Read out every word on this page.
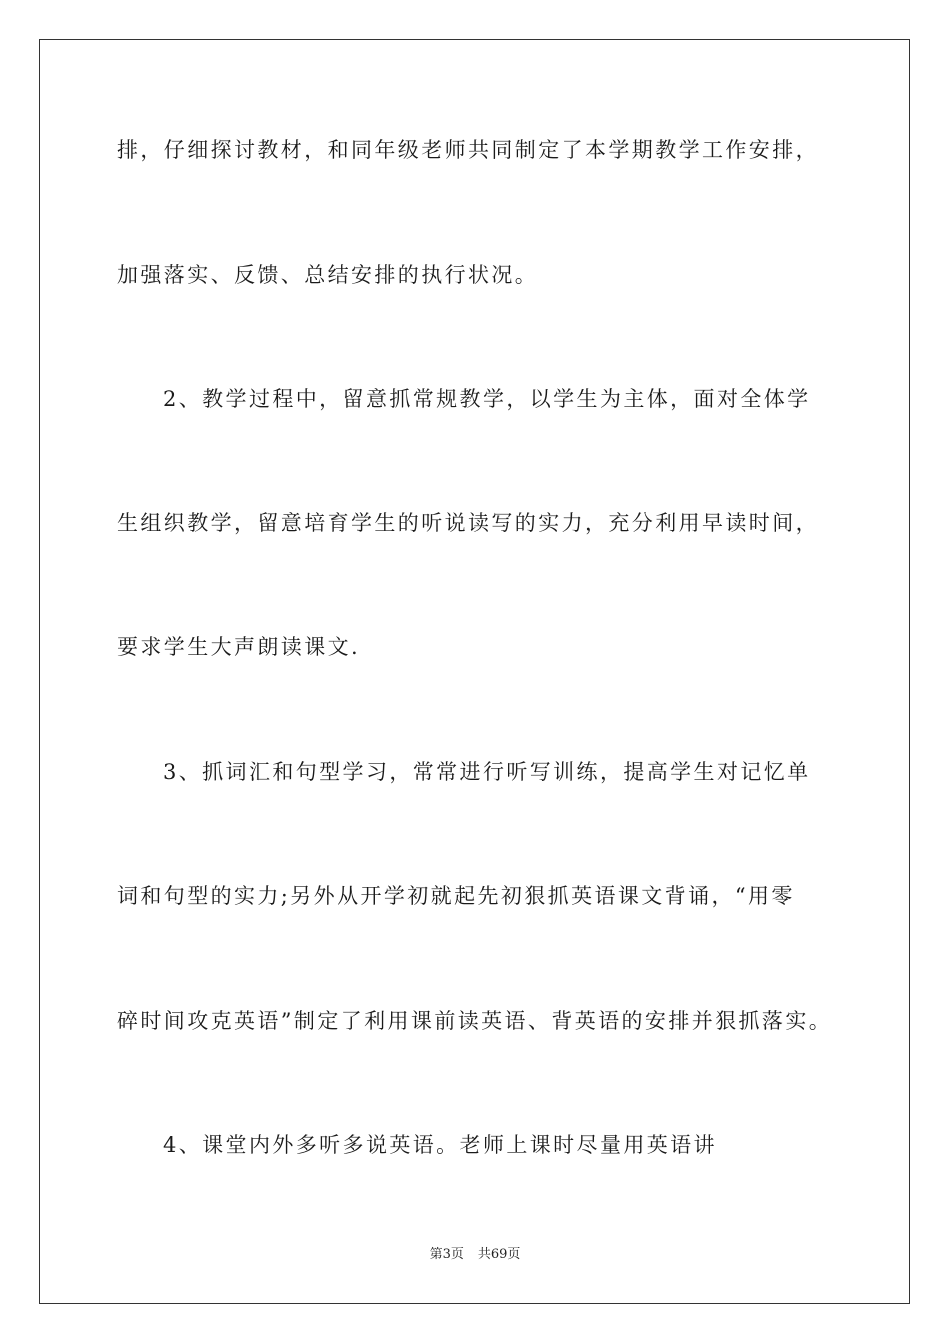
排，仔细探讨教材，和同年级老师共同制定了本学期教学工作安排，
加强落实、反馈、总结安排的执行状况。
2、教学过程中，留意抓常规教学，以学生为主体，面对全体学
生组织教学，留意培育学生的听说读写的实力，充分利用早读时间，
要求学生大声朗读课文.
3、抓词汇和句型学习，常常进行听写训练，提高学生对记忆单
词和句型的实力;另外从开学初就起先初狠抓英语课文背诵，“用零
碎时间攻克英语”制定了利用课前读英语、背英语的安排并狠抓落实。
4、课堂内外多听多说英语。老师上课时尽量用英语讲
第3页 共69页
